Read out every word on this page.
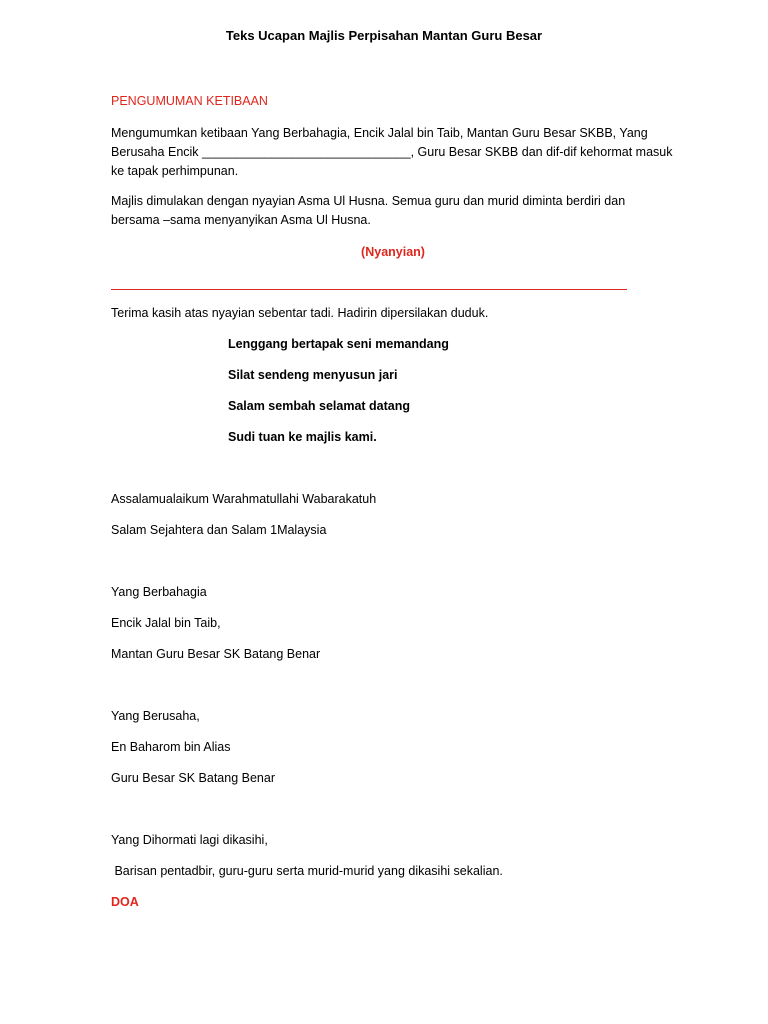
Teks Ucapan Majlis Perpisahan Mantan Guru Besar
PENGUMUMAN KETIBAAN
Mengumumkan ketibaan Yang Berbahagia, Encik Jalal bin Taib, Mantan Guru Besar SKBB, Yang
Berusaha Encik ______________________________, Guru Besar SKBB dan dif-dif kehormat masuk
ke tapak perhimpunan.
Majlis dimulakan dengan nyayian Asma Ul Husna. Semua guru dan murid diminta berdiri dan
bersama –sama menyanyikan Asma Ul Husna.
(Nyanyian)
Terima kasih atas nyayian sebentar tadi. Hadirin dipersilakan duduk.
Lenggang bertapak seni memandang
Silat sendeng menyusun jari
Salam sembah selamat datang
Sudi tuan ke majlis kami.
Assalamualaikum Warahmatullahi Wabarakatuh
Salam Sejahtera dan Salam 1Malaysia
Yang Berbahagia
Encik Jalal bin Taib,
Mantan Guru Besar SK Batang Benar
Yang Berusaha,
En Baharom bin Alias
Guru Besar SK Batang Benar
Yang Dihormati lagi dikasihi,
Barisan pentadbir, guru-guru serta murid-murid yang dikasihi sekalian.
DOA
